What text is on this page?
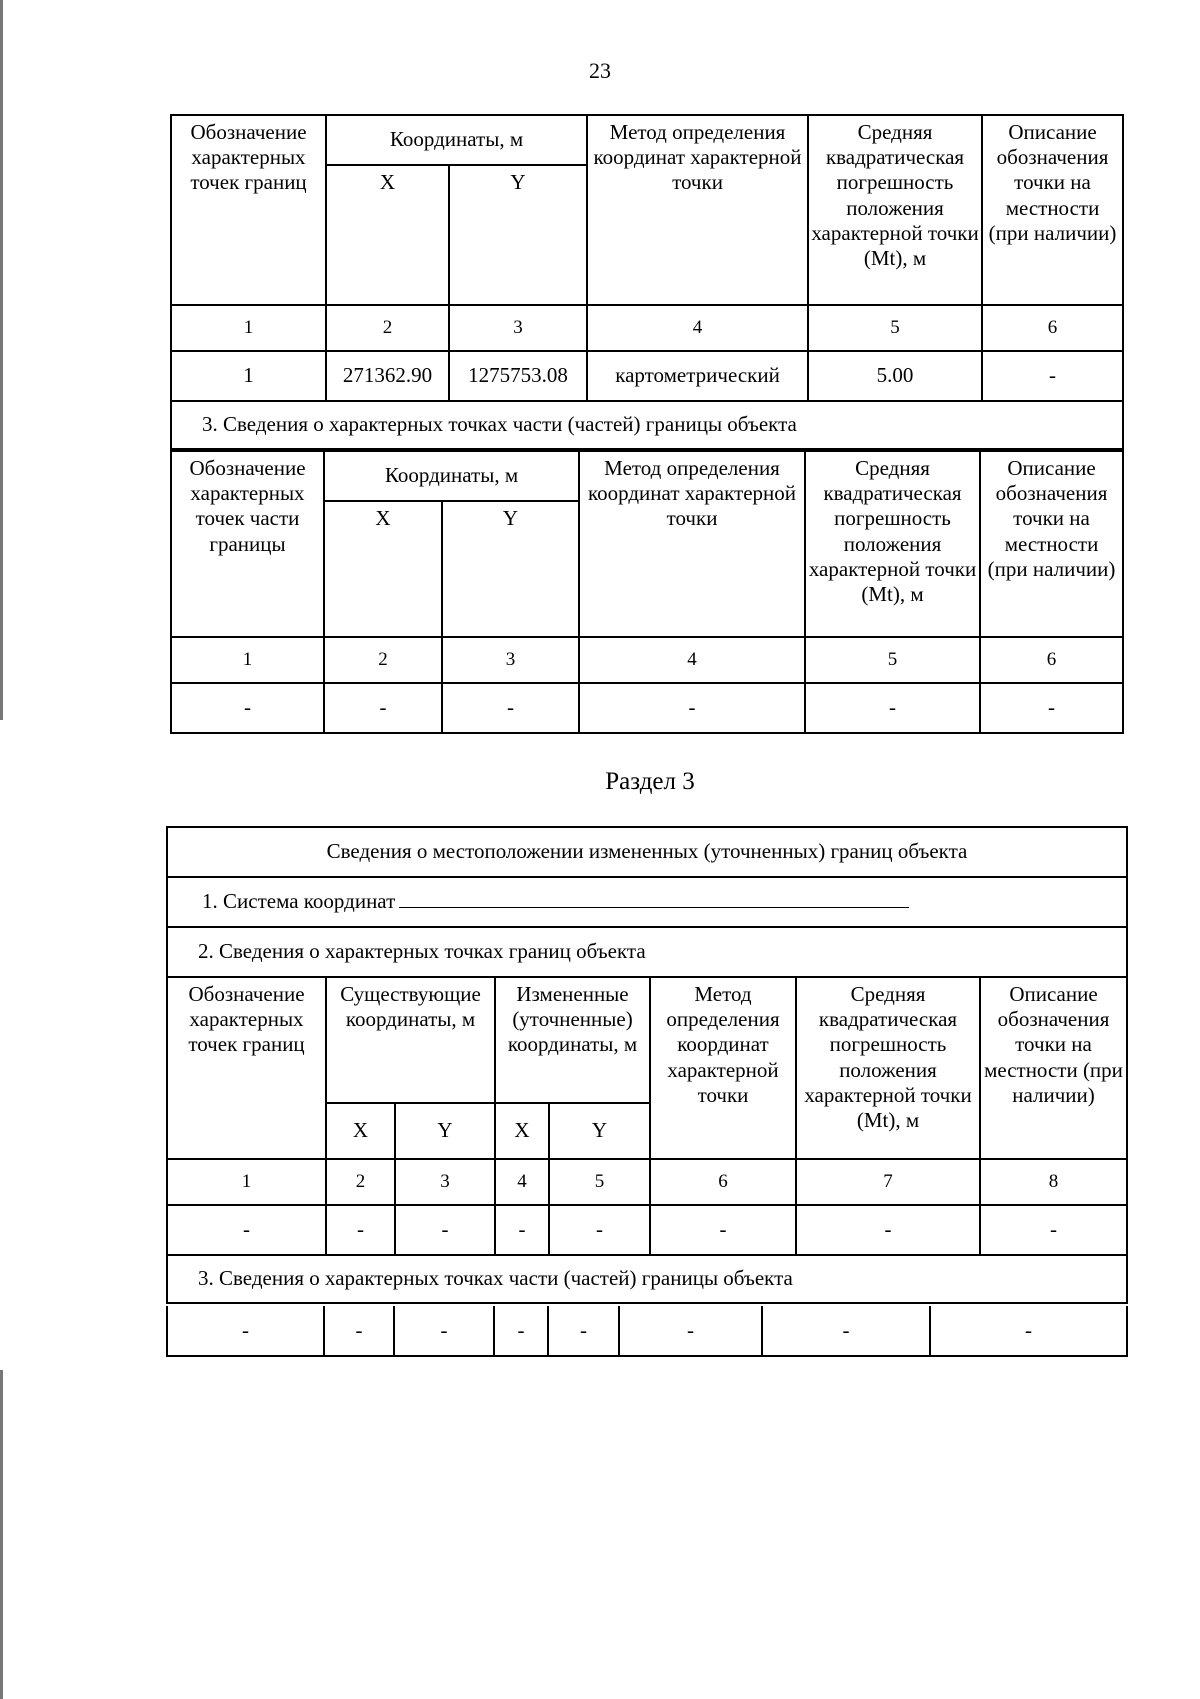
23
Обозначение характерных точек границ	Координаты, м		Метод определения координат характерной точки	Средняя квадратическая погрешность положения характерной точки (Mt), м	Описание обозначения точки на местности (при наличии)
	X	Y			
1	2	3	4	5	6
1	271362.90	1275753.08	картометрический	5.00	-
3. Сведения о характерных точках части (частей) границы объекта					
Обозначение характерных точек части границы	Координаты, м		Метод определения координат характерной точки	Средняя квадратическая погрешность положения характерной точки (Mt), м	Описание обозначения точки на местности (при наличии)
	X	Y			
1	2	3	4	5	6
-	-	-	-	-	-
Раздел 3
Сведения о местоположении измененных (уточненных) границ объекта							
1. Система координат							
2. Сведения о характерных точках границ объекта							
Обозначение характерных точек границ	Существующие координаты, м		Измененные (уточненные) координаты, м		Метод определения координат характерной точки	Средняя квадратическая погрешность положения характерной точки (Mt), м	Описание обозначения точки на местности (при наличии)
	X	Y	X	Y			
1	2	3	4	5	6	7	8
-	-	-	-	-	-	-	-
3. Сведения о характерных точках части (частей) границы объекта							
-	-	-	-	-	-	-	-
